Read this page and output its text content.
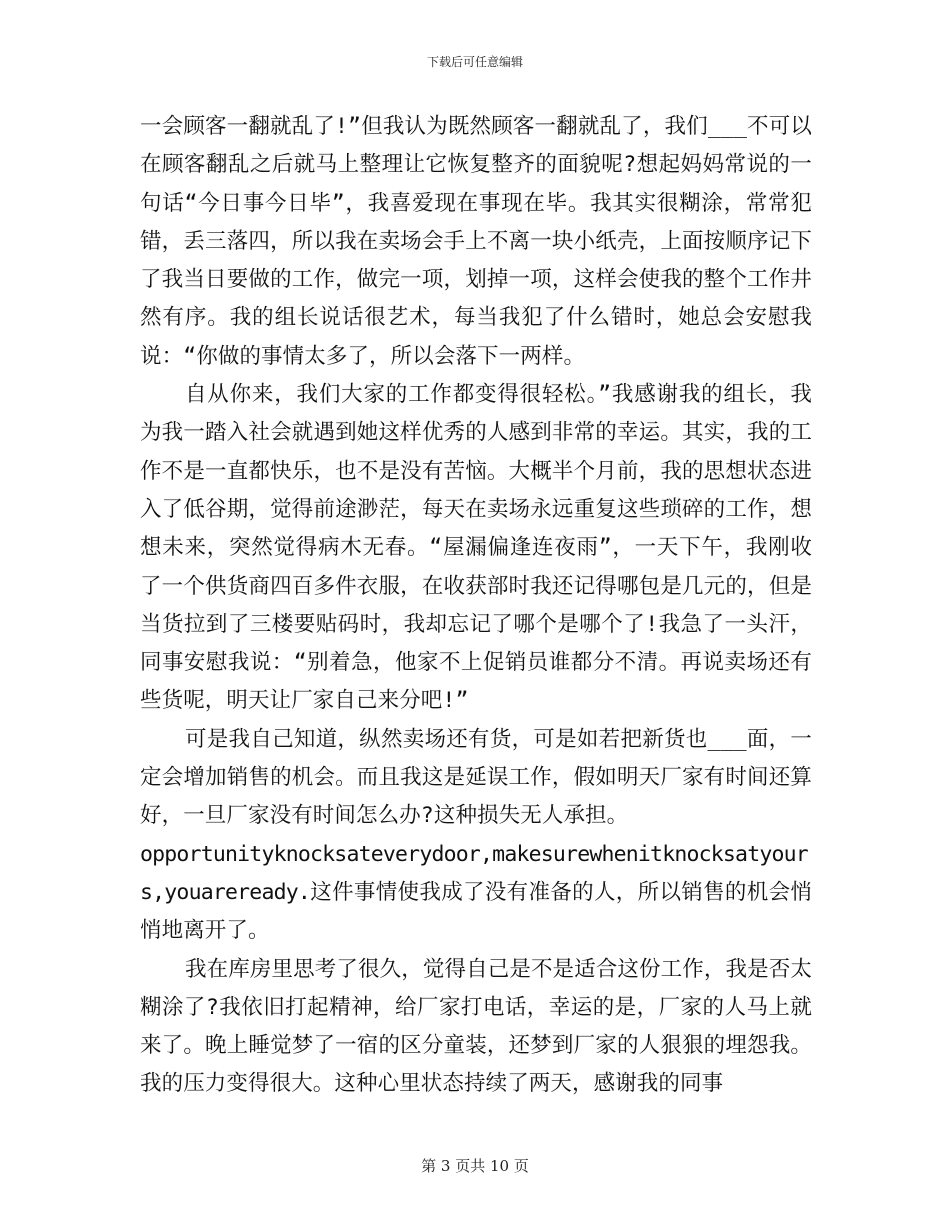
下载后可任意编辑

一会顾客一翻就乱了!”但我认为既然顾客一翻就乱了，我们___不可以在顾客翻乱之后就马上整理让它恢复整齐的面貌呢?想起妈妈常说的一句话“今日事今日毕”，我喜爱现在事现在毕。我其实很糊涂，常常犯错，丢三落四，所以我在卖场会手上不离一块小纸壳，上面按顺序记下了我当日要做的工作，做完一项，划掉一项，这样会使我的整个工作井然有序。我的组长说话很艺术，每当我犯了什么错时，她总会安慰我说：“你做的事情太多了，所以会落下一两样。

自从你来，我们大家的工作都变得很轻松。”我感谢我的组长，我为我一踏入社会就遇到她这样优秀的人感到非常的幸运。其实，我的工作不是一直都快乐，也不是没有苦恼。大概半个月前，我的思想状态进入了低谷期，觉得前途渺茫，每天在卖场永远重复这些琐碎的工作，想想未来，突然觉得病木无春。“屋漏偏逢连夜雨”，一天下午，我刚收了一个供货商四百多件衣服，在收获部时我还记得哪包是几元的，但是当货拉到了三楼要贴码时，我却忘记了哪个是哪个了!我急了一头汗，同事安慰我说：“别着急，他家不上促销员谁都分不清。再说卖场还有些货呢，明天让厂家自己来分吧!”

可是我自己知道，纵然卖场还有货，可是如若把新货也___面，一定会增加销售的机会。而且我这是延误工作，假如明天厂家有时间还算好，一旦厂家没有时间怎么办?这种损失无人承担。

opportunityknocksateverydoor,makesurewhenitknocksatyours,youareready.这件事情使我成了没有准备的人，所以销售的机会悄悄地离开了。

我在库房里思考了很久，觉得自己是不是适合这份工作，我是否太糊涂了?我依旧打起精神，给厂家打电话，幸运的是，厂家的人马上就来了。晚上睡觉梦了一宿的区分童装，还梦到厂家的人狠狠的埋怨我。我的压力变得很大。这种心里状态持续了两天，感谢我的同事

第 3 页共 10 页
